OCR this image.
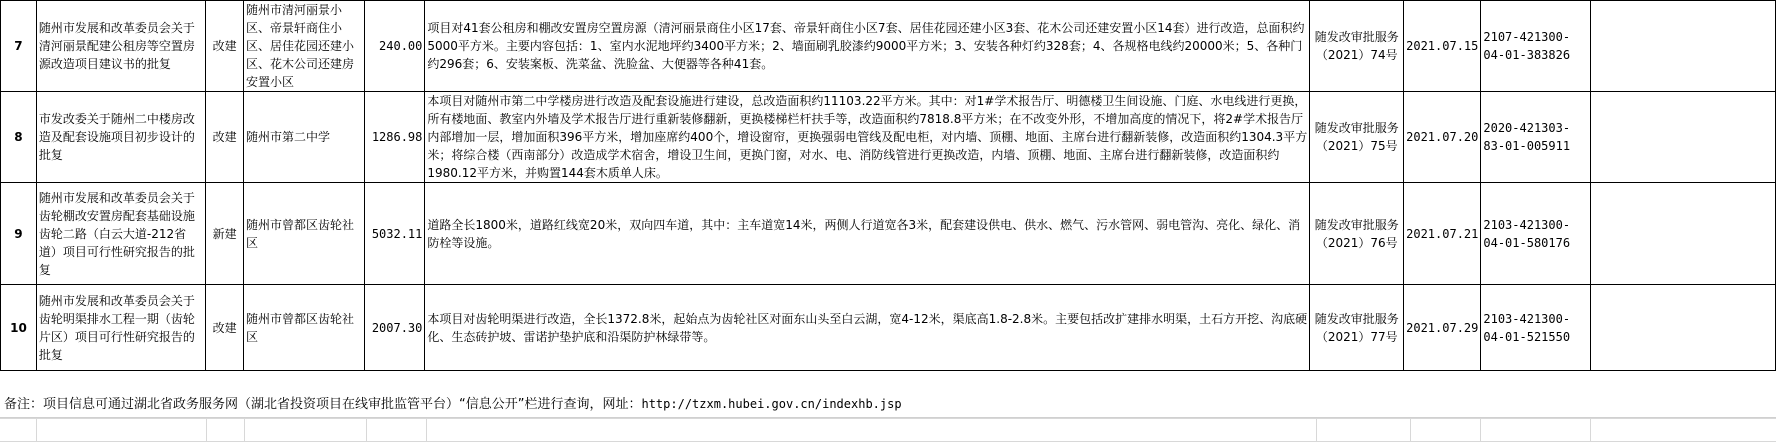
7	随州市发展和改革委员会关于清河丽景配建公租房等空置房源改造项目建议书的批复	改建	随州市清河丽景小区、帝景轩商住小区、居佳花园还建小区、花木公司还建房安置小区	240.00	项目对41套公租房和棚改安置房空置房源（清河丽景商住小区17套、帝景轩商住小区7套、居佳花园还建小区3套、花木公司还建安置小区14套）进行改造，总面积约5000平方米。主要内容包括：1、室内水泥地坪约3400平方米；2、墙面刷乳胶漆约9000平方米；3、安装各种灯约328套；4、各规格电线约20000米；5、各种门约296套；6、安装案板、洗菜盆、洗脸盆、大便器等各种41套。	随发改审批服务（2021）74号	2021.07.15	2107-421300-04-01-383826	
8	市发改委关于随州二中楼房改造及配套设施项目初步设计的批复	改建	随州市第二中学	1286.98	本项目对随州市第二中学楼房进行改造及配套设施进行建设，总改造面积约11103.22平方米。其中：对1#学术报告厅、明德楼卫生间设施、门庭、水电线进行更换，所有楼地面、教室内外墙及学术报告厅进行重新装修翻新，更换楼梯栏杆扶手等，改造面积约7818.8平方米；在不改变外形，不增加高度的情况下，将2#学术报告厅内部增加一层，增加面积396平方米，增加座席约400个，增设窗帘，更换强弱电管线及配电柜，对内墙、顶棚、地面、主席台进行翻新装修，改造面积约1304.3平方米；将综合楼（西南部分）改造成学术宿舍，增设卫生间，更换门窗，对水、电、消防线管进行更换改造，内墙、顶棚、地面、主席台进行翻新装修，改造面积约1980.12平方米，并购置144套木质单人床。	随发改审批服务（2021）75号	2021.07.20	2020-421303-83-01-005911	
9	随州市发展和改革委员会关于齿轮棚改安置房配套基础设施齿轮二路（白云大道-212省道）项目可行性研究报告的批复	新建	随州市曾都区齿轮社区	5032.11	道路全长1800米，道路红线宽20米，双向四车道，其中：主车道宽14米，两侧人行道宽各3米，配套建设供电、供水、燃气、污水管网、弱电管沟、亮化、绿化、消防栓等设施。	随发改审批服务（2021）76号	2021.07.21	2103-421300-04-01-580176	
10	随州市发展和改革委员会关于齿轮明渠排水工程一期（齿轮片区）项目可行性研究报告的批复	改建	随州市曾都区齿轮社区	2007.30	本项目对齿轮明渠进行改造，全长1372.8米，起始点为齿轮社区对面东山头至白云湖，宽4-12米，渠底高1.8-2.8米。主要包括改扩建排水明渠，土石方开挖、沟底硬化、生态砖护坡、雷诺护垫护底和沿渠防护林绿带等。	随发改审批服务（2021）77号	2021.07.29	2103-421300-04-01-521550	
备注：项目信息可通过湖北省政务服务网（湖北省投资项目在线审批监管平台）“信息公开”栏进行查询，网址：http://tzxm.hubei.gov.cn/indexhb.jsp
